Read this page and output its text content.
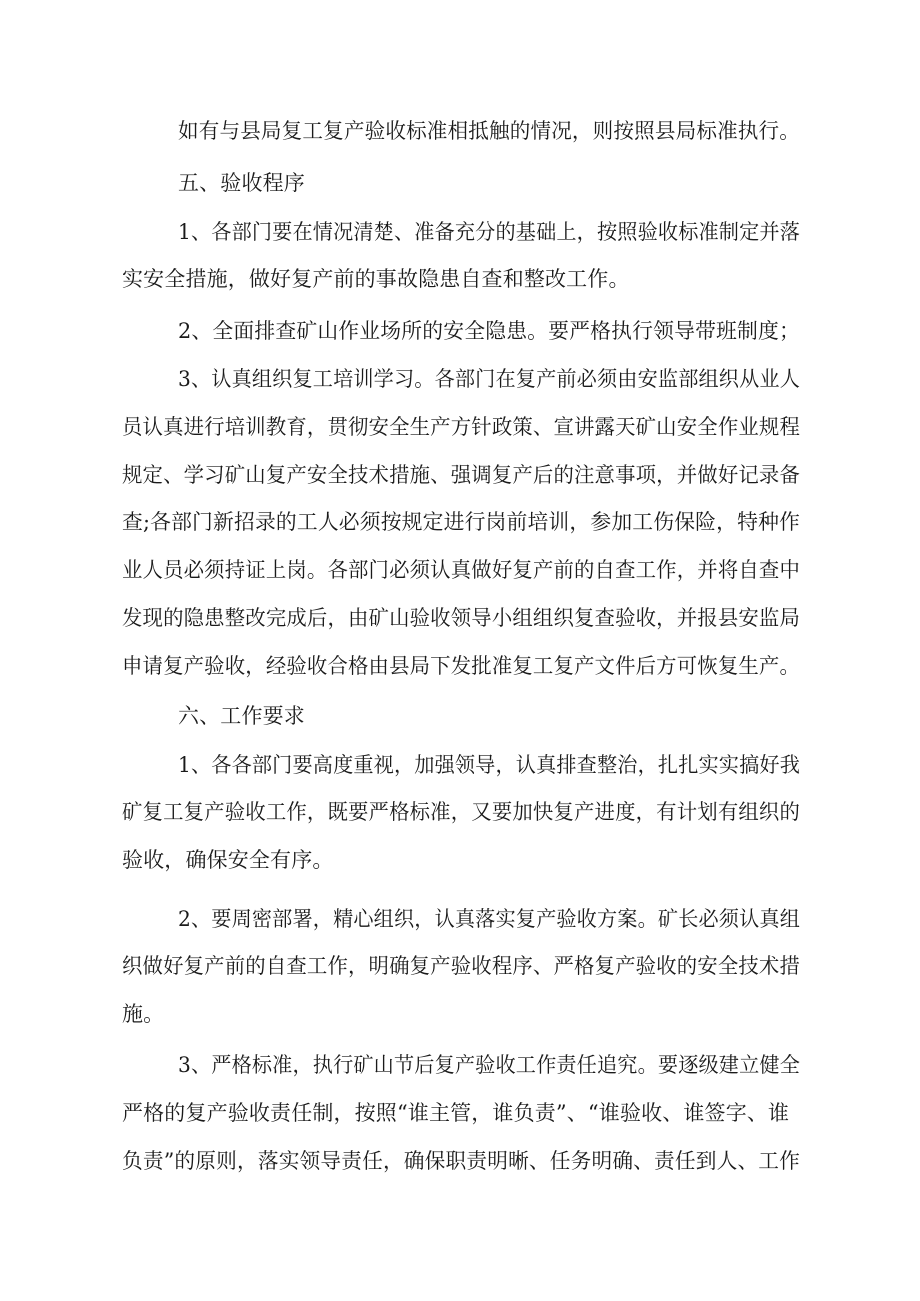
如有与县局复工复产验收标准相抵触的情况，则按照县局标准执行。
五、验收程序
1、各部门要在情况清楚、准备充分的基础上，按照验收标准制定并落
实安全措施，做好复产前的事故隐患自查和整改工作。
2、全面排查矿山作业场所的安全隐患。要严格执行领导带班制度；
3、认真组织复工培训学习。各部门在复产前必须由安监部组织从业人
员认真进行培训教育，贯彻安全生产方针政策、宣讲露天矿山安全作业规程
规定、学习矿山复产安全技术措施、强调复产后的注意事项，并做好记录备
查;各部门新招录的工人必须按规定进行岗前培训，参加工伤保险，特种作
业人员必须持证上岗。各部门必须认真做好复产前的自查工作，并将自查中
发现的隐患整改完成后，由矿山验收领导小组组织复查验收，并报县安监局
申请复产验收，经验收合格由县局下发批准复工复产文件后方可恢复生产。
六、工作要求
1、各各部门要高度重视，加强领导，认真排查整治，扎扎实实搞好我
矿复工复产验收工作，既要严格标准，又要加快复产进度，有计划有组织的
验收，确保安全有序。
2、要周密部署，精心组织，认真落实复产验收方案。矿长必须认真组
织做好复产前的自查工作，明确复产验收程序、严格复产验收的安全技术措
施。
3、严格标准，执行矿山节后复产验收工作责任追究。要逐级建立健全
严格的复产验收责任制，按照“谁主管，谁负责”、“谁验收、谁签字、谁
负责”的原则，落实领导责任，确保职责明晰、任务明确、责任到人、工作
